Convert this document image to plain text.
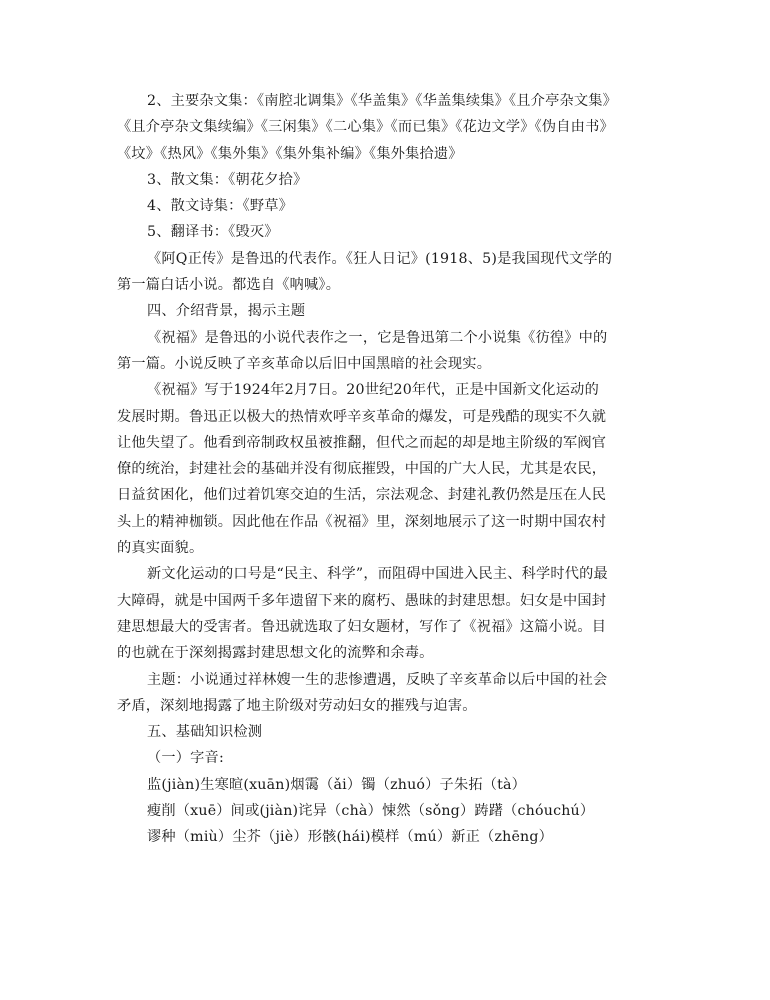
2、主要杂文集：《南腔北调集》《华盖集》《华盖集续集》《且介亭杂文集》
《且介亭杂文集续编》《三闲集》《二心集》《而已集》《花边文学》《伪自由书》
《坟》《热风》《集外集》《集外集补编》《集外集拾遗》
3、散文集：《朝花夕拾》
4、散文诗集：《野草》
5、翻译书：《毁灭》
《阿Q正传》是鲁迅的代表作。《狂人日记》(1918、5)是我国现代文学的
第一篇白话小说。都选自《呐喊》。
四、介绍背景，揭示主题
《祝福》是鲁迅的小说代表作之一，它是鲁迅第二个小说集《彷徨》中的
第一篇。小说反映了辛亥革命以后旧中国黑暗的社会现实。
《祝福》写于1924年2月7日。20世纪20年代，正是中国新文化运动的
发展时期。鲁迅正以极大的热情欢呼辛亥革命的爆发，可是残酷的现实不久就
让他失望了。他看到帝制政权虽被推翻，但代之而起的却是地主阶级的军阀官
僚的统治，封建社会的基础并没有彻底摧毁，中国的广大人民，尤其是农民，
日益贫困化，他们过着饥寒交迫的生活，宗法观念、封建礼教仍然是压在人民
头上的精神枷锁。因此他在作品《祝福》里，深刻地展示了这一时期中国农村
的真实面貌。
新文化运动的口号是“民主、科学”，而阻碍中国进入民主、科学时代的最
大障碍，就是中国两千多年遗留下来的腐朽、愚昧的封建思想。妇女是中国封
建思想最大的受害者。鲁迅就选取了妇女题材，写作了《祝福》这篇小说。目
的也就在于深刻揭露封建思想文化的流弊和余毒。
主题：小说通过祥林嫂一生的悲惨遭遇，反映了辛亥革命以后中国的社会
矛盾，深刻地揭露了地主阶级对劳动妇女的摧残与迫害。
五、基础知识检测
（一）字音:
监(jiàn)生寒暄(xuān)烟霭（ǎi）镯（zhuó）子朱拓（tà）
瘦削（xuē）间或(jiàn)诧异（chà）悚然（sǒng）踌躇（chóuchú）
谬种（miù）尘芥（jiè）形骸(hái)模样（mú）新正（zhēng）
